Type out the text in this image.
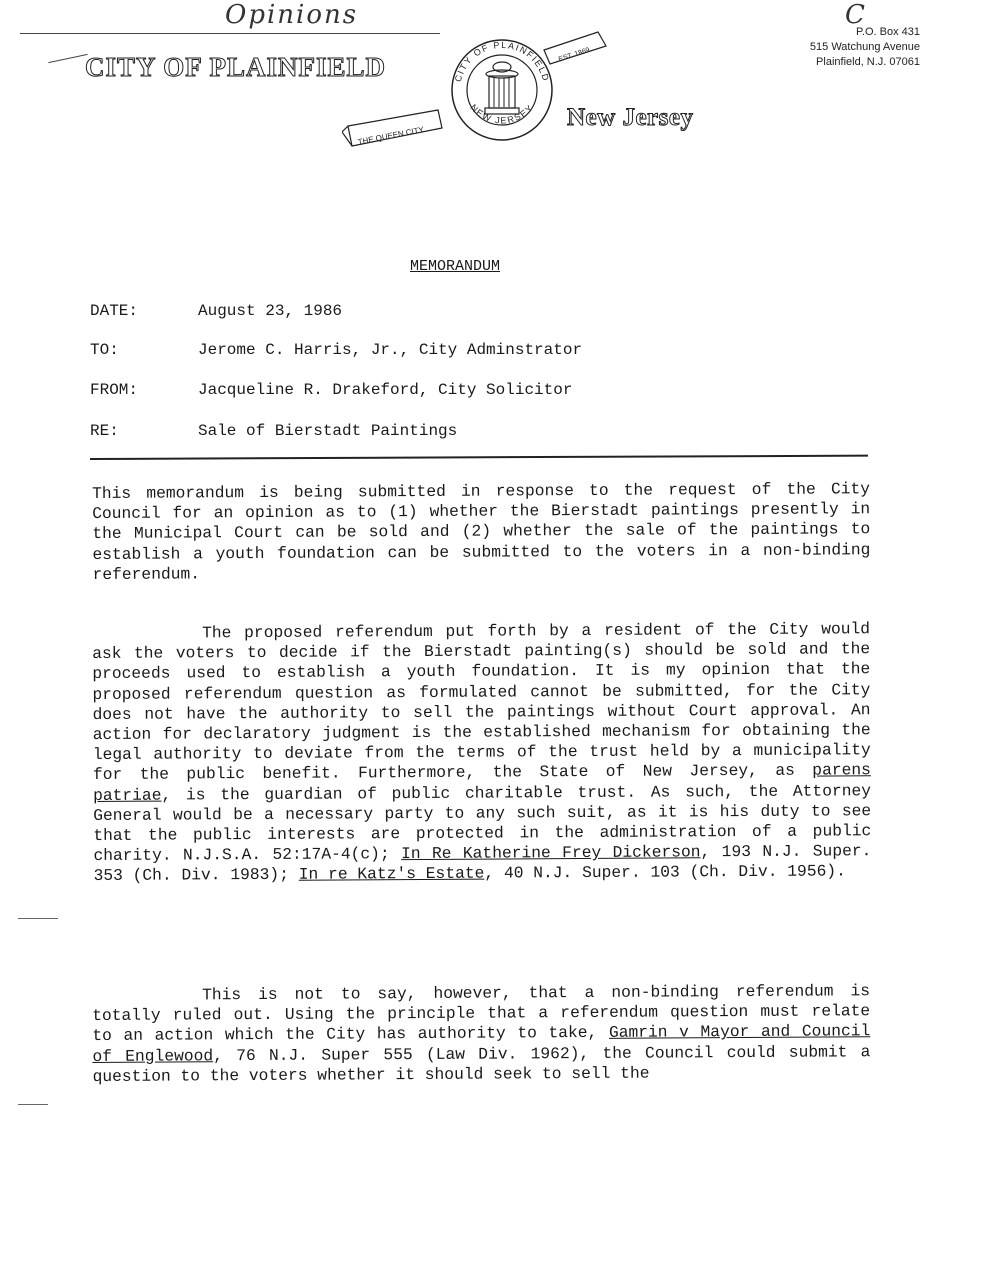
Opinions	C
CITY OF PLAINFIELD	CITY OF PLAINFIELD
NEW JERSEY
THE QUEEN CITY
EST. 1869
New Jersey
P.O. Box 431
515 Watchung Avenue
Plainfield, N.J. 07061
MEMORANDUM
DATE:	August 23, 1986
TO:	Jerome C. Harris, Jr., City Adminstrator
FROM:	Jacqueline R. Drakeford, City Solicitor
RE:	Sale of Bierstadt Paintings
This memorandum is being submitted in response to the request of the City Council for an opinion as to (1) whether the Bierstadt paintings presently in the Municipal Court can be sold and (2) whether the sale of the paintings to establish a youth foundation can be submitted to the voters in a non-binding referendum.
The proposed referendum put forth by a resident of the City would ask the voters to decide if the Bierstadt painting(s) should be sold and the proceeds used to establish a youth foundation. It is my opinion that the proposed referendum question as formulated cannot be submitted, for the City does not have the authority to sell the paintings without Court approval. An action for declaratory judgment is the established mechanism for obtaining the legal authority to deviate from the terms of the trust held by a municipality for the public benefit. Furthermore, the State of New Jersey, as parens patriae, is the guardian of public charitable trust. As such, the Attorney General would be a necessary party to any such suit, as it is his duty to see that the public interests are protected in the administration of a public charity. N.J.S.A. 52:17A-4(c); In Re Katherine Frey Dickerson, 193 N.J. Super. 353 (Ch. Div. 1983); In re Katz's Estate, 40 N.J. Super. 103 (Ch. Div. 1956).
This is not to say, however, that a non-binding referendum is totally ruled out. Using the principle that a referendum question must relate to an action which the City has authority to take, Gamrin v Mayor and Council of Englewood, 76 N.J. Super 555 (Law Div. 1962), the Council could submit a question to the voters whether it should seek to sell the
